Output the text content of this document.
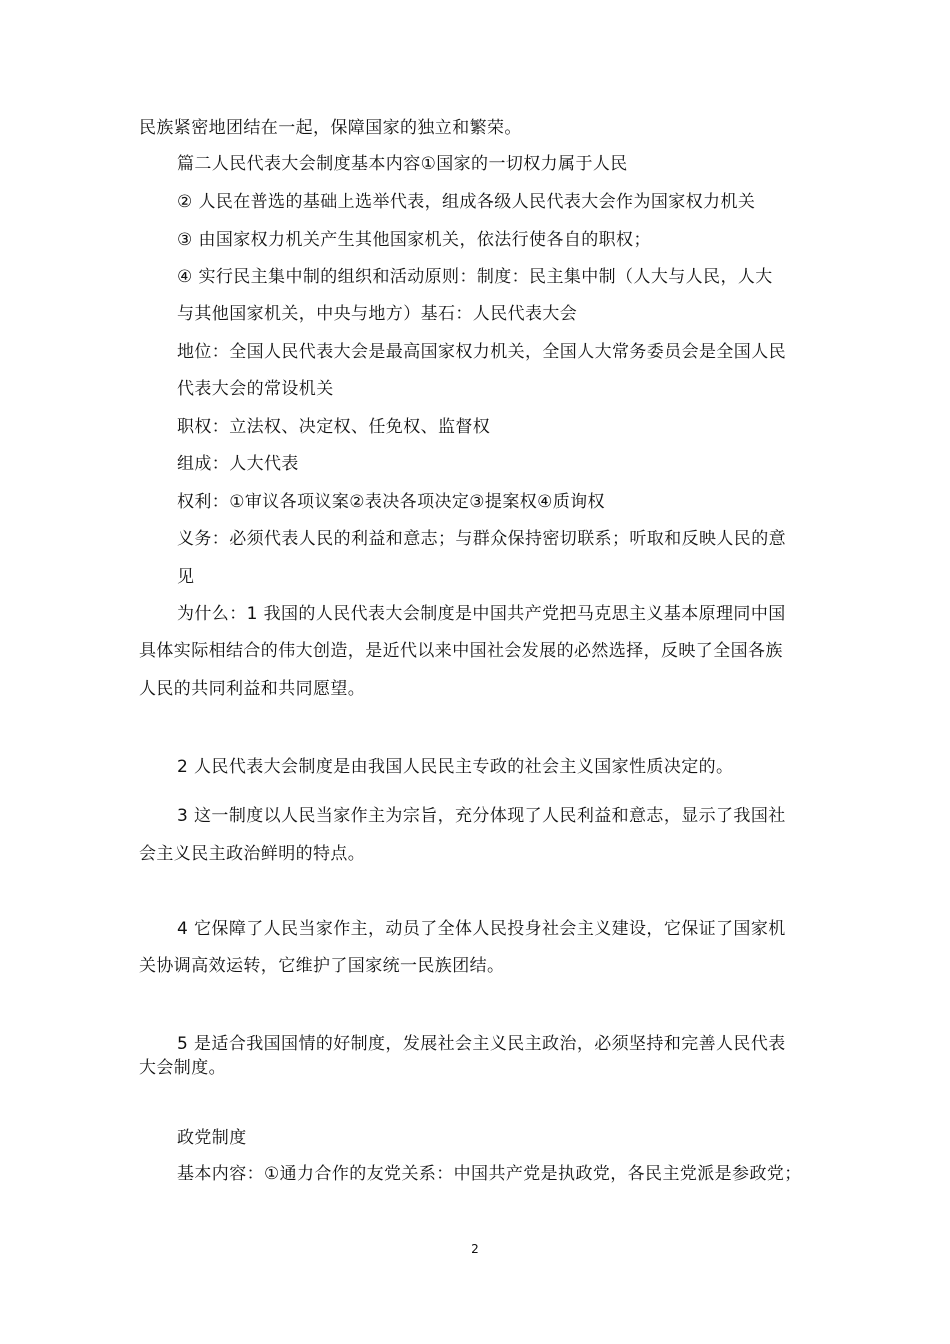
民族紧密地团结在一起，保障国家的独立和繁荣。
篇二人民代表大会制度基本内容①国家的一切权力属于人民
② 人民在普选的基础上选举代表，组成各级人民代表大会作为国家权力机关
③ 由国家权力机关产生其他国家机关，依法行使各自的职权；
④ 实行民主集中制的组织和活动原则：制度：民主集中制（人大与人民，人大
与其他国家机关，中央与地方）基石：人民代表大会
地位：全国人民代表大会是最高国家权力机关，全国人大常务委员会是全国人民
代表大会的常设机关
职权：立法权、决定权、任免权、监督权
组成：人大代表
权利：①审议各项议案②表决各项决定③提案权④质询权
义务：必须代表人民的利益和意志；与群众保持密切联系；听取和反映人民的意
见
为什么：1 我国的人民代表大会制度是中国共产党把马克思主义基本原理同中国
具体实际相结合的伟大创造，是近代以来中国社会发展的必然选择，反映了全国各族
人民的共同利益和共同愿望。
2 人民代表大会制度是由我国人民民主专政的社会主义国家性质决定的。
3 这一制度以人民当家作主为宗旨，充分体现了人民利益和意志，显示了我国社
会主义民主政治鲜明的特点。
4 它保障了人民当家作主，动员了全体人民投身社会主义建设，它保证了国家机
关协调高效运转，它维护了国家统一民族团结。
5 是适合我国国情的好制度，发展社会主义民主政治，必须坚持和完善人民代表
大会制度。
政党制度
基本内容：①通力合作的友党关系：中国共产党是执政党，各民主党派是参政党；
2
